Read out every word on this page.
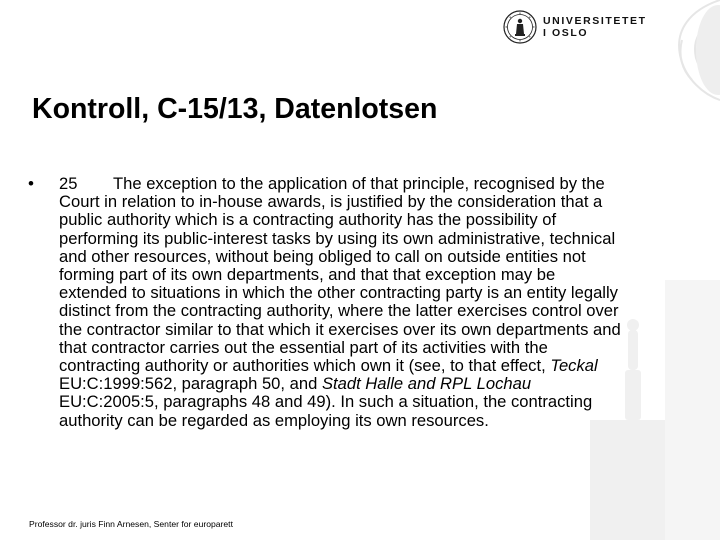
UNIVERSITETET
I OSLO
Kontroll, C-15/13, Datenlotsen
•	25 The exception to the application of that principle, recognised by the Court in relation to in-house awards, is justified by the consideration that a public authority which is a contracting authority has the possibility of performing its public-interest tasks by using its own administrative, technical and other resources, without being obliged to call on outside entities not forming part of its own departments, and that that exception may be extended to situations in which the other contracting party is an entity legally distinct from the contracting authority, where the latter exercises control over the contractor similar to that which it exercises over its own departments and that contractor carries out the essential part of its activities with the contracting authority or authorities which own it (see, to that effect, Teckal EU:C:1999:562, paragraph 50, and Stadt Halle and RPL Lochau EU:C:2005:5, paragraphs 48 and 49). In such a situation, the contracting authority can be regarded as employing its own resources.
Professor dr. juris Finn Arnesen, Senter for europarett
